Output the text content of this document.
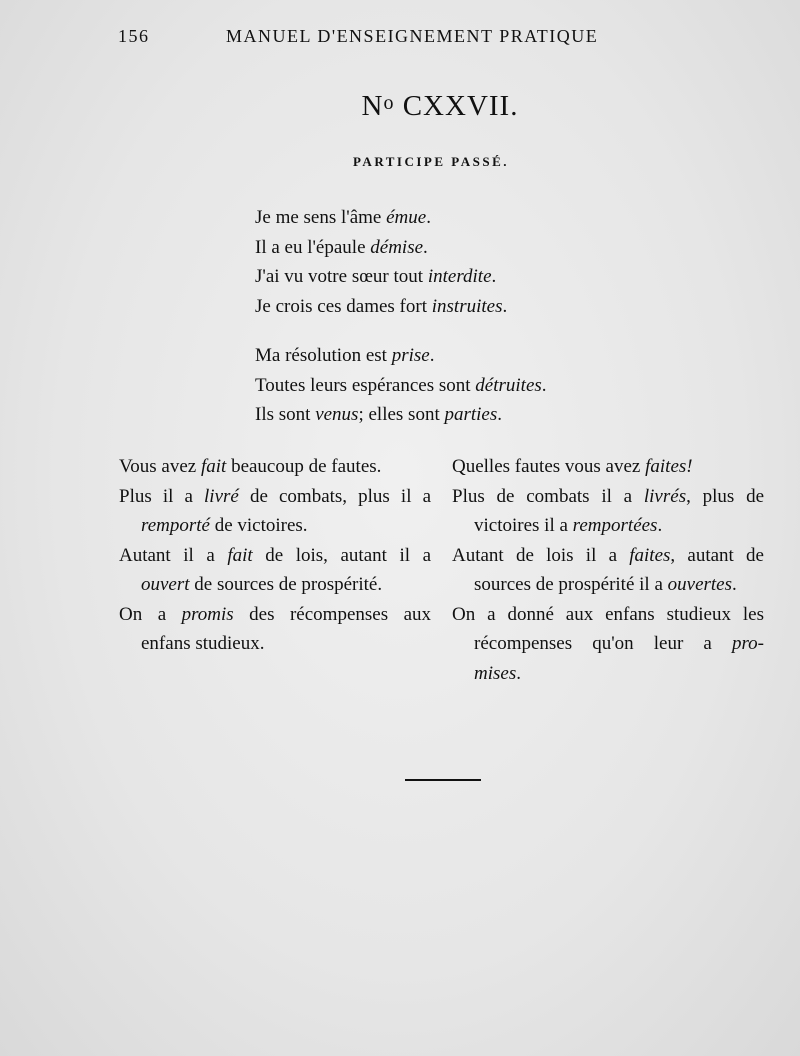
156	MANUEL D'ENSEIGNEMENT PRATIQUE
$N^o$ CXXVII.
PARTICIPE PASSÉ.
Je me sens l'âme émue.
Il a eu l'épaule démise.
J'ai vu votre sœur tout interdite.
Je crois ces dames fort instruites.
Ma résolution est prise.
Toutes leurs espérances sont détruites.
Ils sont venus; elles sont parties.
Vous avez fait beaucoup de fautes.
Plus il a livré de combats, plus il a
remporté de victoires.
Autant il a fait de lois, autant il a
ouvert de sources de prospérité.
On a promis des récompenses aux
enfans studieux.
Quelles fautes vous avez faites!
Plus de combats il a livrés, plus de
victoires il a remportées.
Autant de lois il a faites, autant de
sources de prospérité il a ouvertes.
On a donné aux enfans studieux les
récompenses qu'on leur a pro-
mises.
